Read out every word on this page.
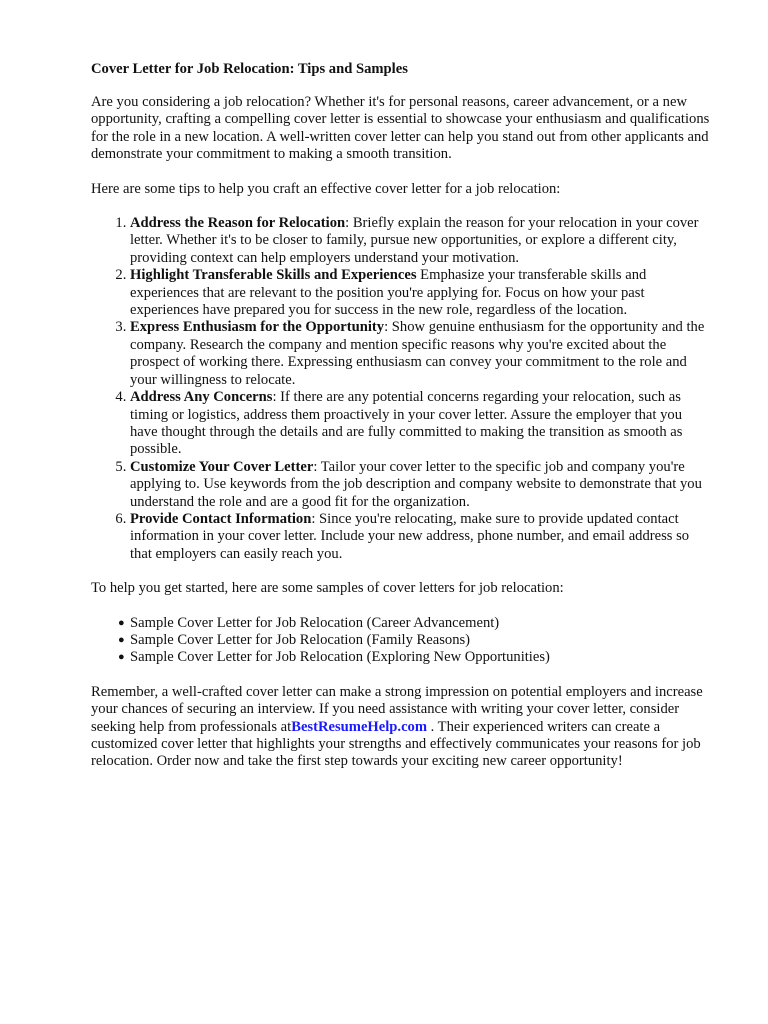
Cover Letter for Job Relocation: Tips and Samples

Are you considering a job relocation? Whether it's for personal reasons, career advancement, or a new opportunity, crafting a compelling cover letter is essential to showcase your enthusiasm and qualifications for the role in a new location. A well-written cover letter can help you stand out from other applicants and demonstrate your commitment to making a smooth transition.

Here are some tips to help you craft an effective cover letter for a job relocation:

1. Address the Reason for Relocation: Briefly explain the reason for your relocation in your cover letter. Whether it's to be closer to family, pursue new opportunities, or explore a different city, providing context can help employers understand your motivation.
2. Highlight Transferable Skills and Experiences Emphasize your transferable skills and experiences that are relevant to the position you're applying for. Focus on how your past experiences have prepared you for success in the new role, regardless of the location.
3. Express Enthusiasm for the Opportunity: Show genuine enthusiasm for the opportunity and the company. Research the company and mention specific reasons why you're excited about the prospect of working there. Expressing enthusiasm can convey your commitment to the role and your willingness to relocate.
4. Address Any Concerns: If there are any potential concerns regarding your relocation, such as timing or logistics, address them proactively in your cover letter. Assure the employer that you have thought through the details and are fully committed to making the transition as smooth as possible.
5. Customize Your Cover Letter: Tailor your cover letter to the specific job and company you're applying to. Use keywords from the job description and company website to demonstrate that you understand the role and are a good fit for the organization.
6. Provide Contact Information: Since you're relocating, make sure to provide updated contact information in your cover letter. Include your new address, phone number, and email address so that employers can easily reach you.

To help you get started, here are some samples of cover letters for job relocation:

● Sample Cover Letter for Job Relocation (Career Advancement)
● Sample Cover Letter for Job Relocation (Family Reasons)
● Sample Cover Letter for Job Relocation (Exploring New Opportunities)

Remember, a well-crafted cover letter can make a strong impression on potential employers and increase your chances of securing an interview. If you need assistance with writing your cover letter, consider seeking help from professionals atBestResumeHelp.com . Their experienced writers can create a customized cover letter that highlights your strengths and effectively communicates your reasons for job relocation. Order now and take the first step towards your exciting new career opportunity!
